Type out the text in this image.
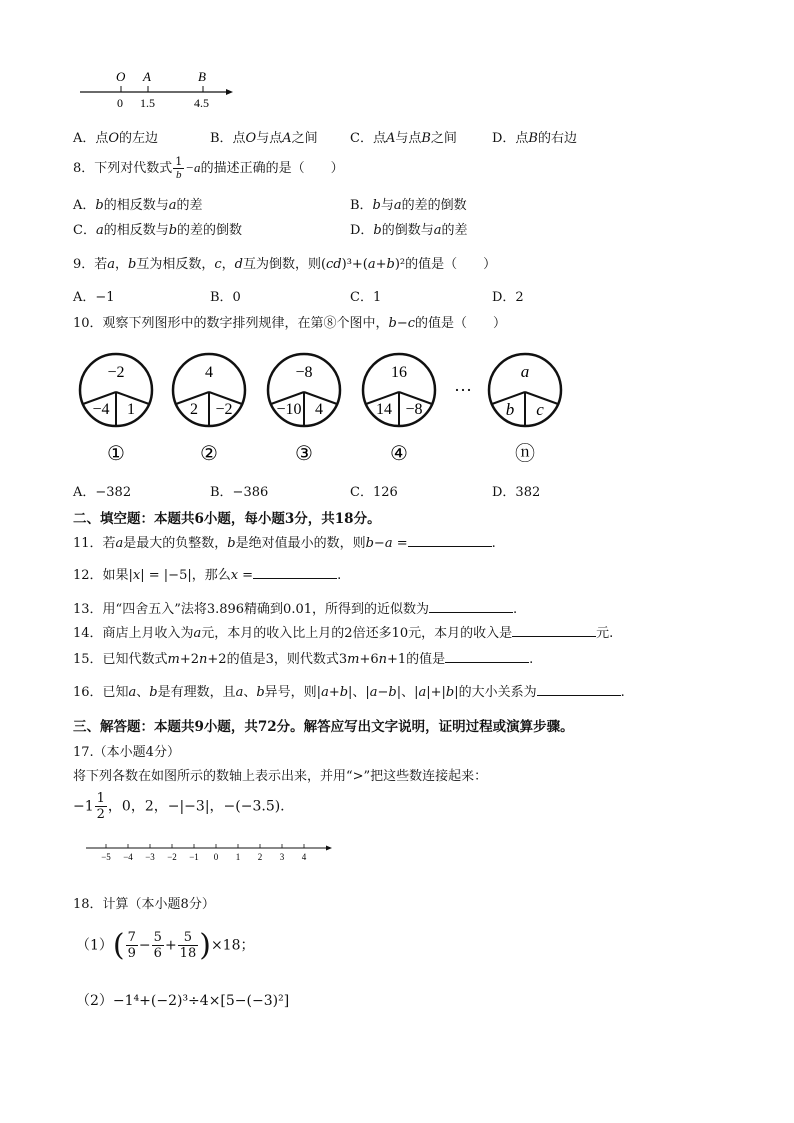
O A	B
0 1.5	4.5
A．点𝑂的左边	B．点𝑂与点𝐴之间 C．点𝐴与点𝐵之间	D．点𝐵的右边
8．下列对代数式 $\frac{1}{b} -a$的描述正确的是（　　）
A．𝑏的相反数与𝑎的差	B．𝑏与𝑎的差的倒数
C．𝑎的相反数与𝑏的差的倒数	D．𝑏的倒数与𝑎的差
9．若𝑎，𝑏互为相反数，𝑐，𝑑互为倒数，则(𝑐𝑑)³+(𝑎+𝑏)²的值是（　　）
A．−1	B．0	C．1	D．2
10．观察下列图形中的数字排列规律，在第⑧个图中，𝑏−𝑐的值是（　　）
−2
−4 1
①
4
2 −2
②
−8
−10 4
③
16
14 −8
④
···
a
b c
ⓝ
A．−382	B．−386	C．126	D．382
二、填空题：本题共6小题，每小题3分，共18分。
11．若𝑎是最大的负整数，𝑏是绝对值最小的数，则𝑏−𝑎 =	.
12．如果|𝑥| = |−5|，那么𝑥 =	.
13．用“四舍五入”法将3.896精确到0.01，所得到的近似数为	.
14．商店上月收入为𝑎元，本月的收入比上月的2倍还多10元，本月的收入是	元.
15．已知代数式𝑚+2𝑛+2的值是3，则代数式3𝑚+6𝑛+1的值是	.
16．已知𝑎、𝑏是有理数，且𝑎、𝑏异号，则|𝑎+𝑏|、|𝑎−𝑏|、|𝑎|+|𝑏|的大小关系为	.
三、解答题：本题共9小题，共72分。解答应写出文字说明，证明过程或演算步骤。
17.（本小题4分）
将下列各数在如图所示的数轴上表示出来，并用“>”把这些数连接起来：
$-1 \frac{1}{2}$ ，0，2，−|−3|，−(−3.5).
−5 −4 −3 −2 −1 0 1 2 3 4
18．计算（本小题8分）
$(1)( \frac{7}{9} - \frac{5}{6} + \frac{5}{18} )\times 18$；
（2）−1⁴+(−2)³÷4×[5−(−3)²]
